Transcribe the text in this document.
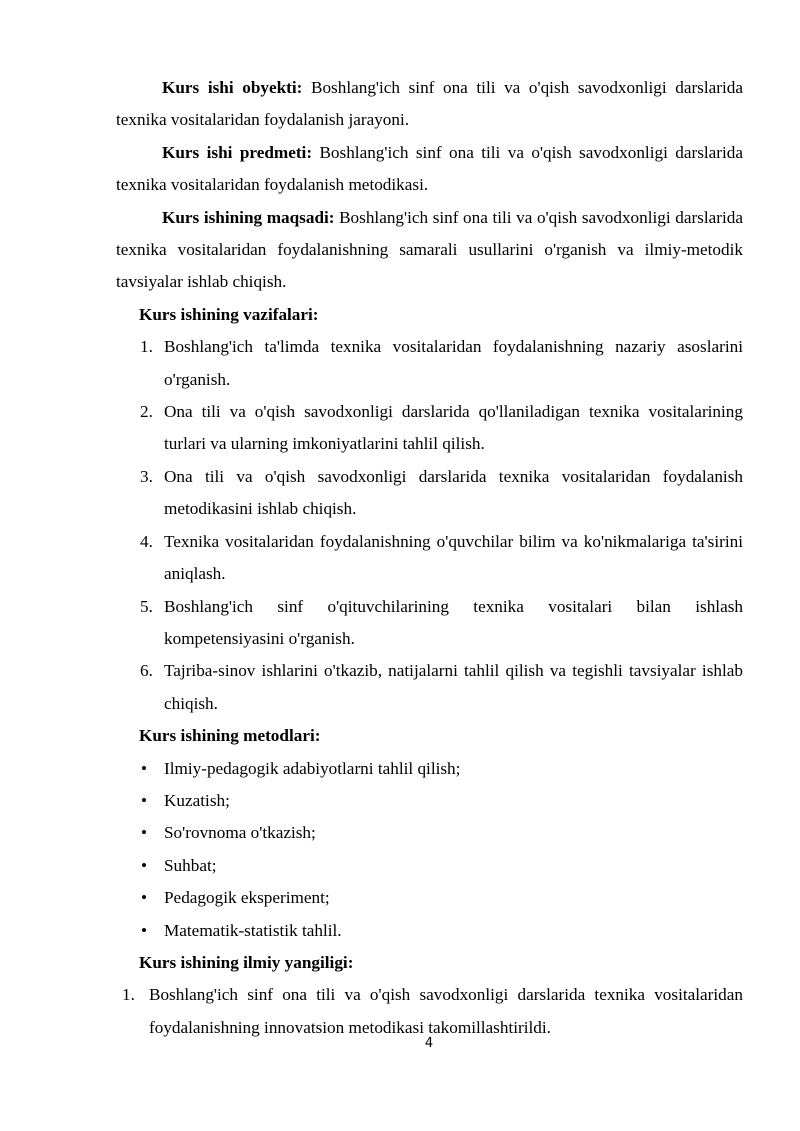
Kurs ishi obyekti: Boshlang'ich sinf ona tili va o'qish savodxonligi darslarida texnika vositalaridan foydalanish jarayoni.

Kurs ishi predmeti: Boshlang'ich sinf ona tili va o'qish savodxonligi darslarida texnika vositalaridan foydalanish metodikasi.

Kurs ishining maqsadi: Boshlang'ich sinf ona tili va o'qish savodxonligi darslarida texnika vositalaridan foydalanishning samarali usullarini o'rganish va ilmiy-metodik tavsiyalar ishlab chiqish.

Kurs ishining vazifalari:

1. Boshlang'ich ta'limda texnika vositalaridan foydalanishning nazariy asoslarini o'rganish.
2. Ona tili va o'qish savodxonligi darslarida qo'llaniladigan texnika vositalarining turlari va ularning imkoniyatlarini tahlil qilish.
3. Ona tili va o'qish savodxonligi darslarida texnika vositalaridan foydalanish metodikasini ishlab chiqish.
4. Texnika vositalaridan foydalanishning o'quvchilar bilim va ko'nikmalariga ta'sirini aniqlash.
5. Boshlang'ich sinf o'qituvchilarining texnika vositalari bilan ishlash kompetensiyasini o'rganish.
6. Tajriba-sinov ishlarini o'tkazib, natijalarni tahlil qilish va tegishli tavsiyalar ishlab chiqish.

Kurs ishining metodlari:

• Ilmiy-pedagogik adabiyotlarni tahlil qilish;
• Kuzatish;
• So'rovnoma o'tkazish;
• Suhbat;
• Pedagogik eksperiment;
• Matematik-statistik tahlil.

Kurs ishining ilmiy yangiligi:

1. Boshlang'ich sinf ona tili va o'qish savodxonligi darslarida texnika vositalaridan foydalanishning innovatsion metodikasi takomillashtirildi.
4
